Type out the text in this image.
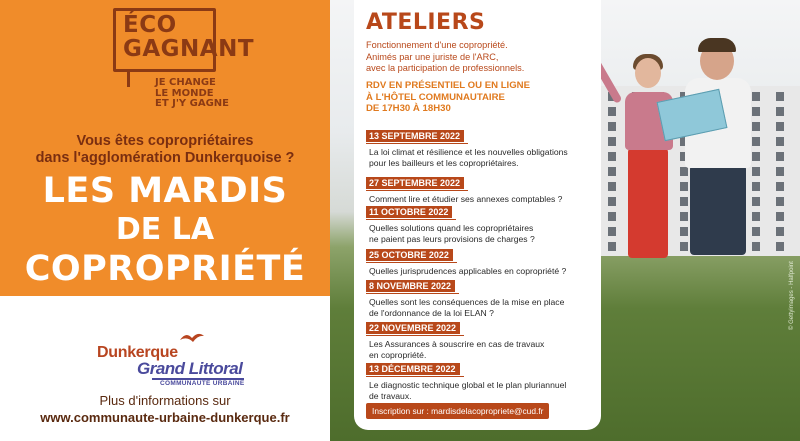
ÉCO
GAGNANT
JE CHANGE
LE MONDE
ET J'Y GAGNE
Vous êtes copropriétaires
dans l'agglomération Dunkerquoise ?
LES MARDIS
DE LA
COPROPRIÉTÉ
Dunkerque
Grand Littoral
COMMUNAUTÉ URBAINE
Plus d'informations sur
www.communaute-urbaine-dunkerque.fr
© Gettyimages - Halfpoint
ATELIERS
Fonctionnement d'une copropriété.
Animés par une juriste de l'ARC,
avec la participation de professionnels.
RDV EN PRÉSENTIEL OU EN LIGNE
À L'HÔTEL COMMUNAUTAIRE
DE 17H30 À 18H30
13 SEPTEMBRE 2022
La loi climat et résilience et les nouvelles obligations
pour les bailleurs et les copropriétaires.
27 SEPTEMBRE 2022
Comment lire et étudier ses annexes comptables ?
11 OCTOBRE 2022
Quelles solutions quand les copropriétaires
ne paient pas leurs provisions de charges ?
25 OCTOBRE 2022
Quelles jurisprudences applicables en copropriété ?
8 NOVEMBRE 2022
Quelles sont les conséquences de la mise en place
de l'ordonnance de la loi ELAN ?
22 NOVEMBRE 2022
Les Assurances à souscrire en cas de travaux
en copropriété.
13 DÉCEMBRE 2022
Le diagnostic technique global et le plan pluriannuel
de travaux.
Inscription sur : mardisdelacopropriete@cud.fr
